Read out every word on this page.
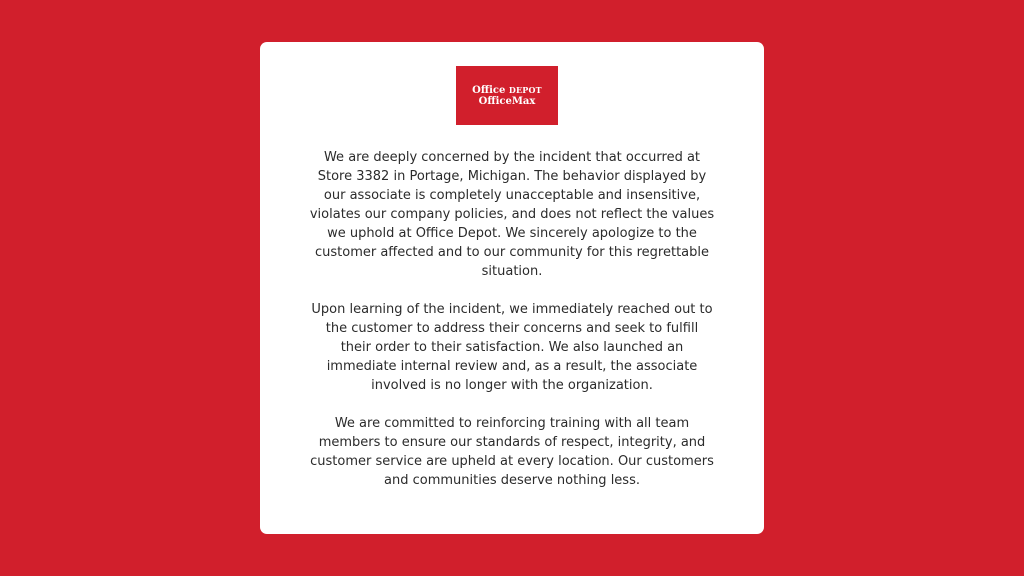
Office DEPOT
OfficeMax

We are deeply concerned by the incident that occurred at
Store 3382 in Portage, Michigan. The behavior displayed by
our associate is completely unacceptable and insensitive,
violates our company policies, and does not reflect the values
we uphold at Office Depot. We sincerely apologize to the
customer affected and to our community for this regrettable
situation.

Upon learning of the incident, we immediately reached out to
the customer to address their concerns and seek to fulfill
their order to their satisfaction. We also launched an
immediate internal review and, as a result, the associate
involved is no longer with the organization.

We are committed to reinforcing training with all team
members to ensure our standards of respect, integrity, and
customer service are upheld at every location. Our customers
and communities deserve nothing less.
